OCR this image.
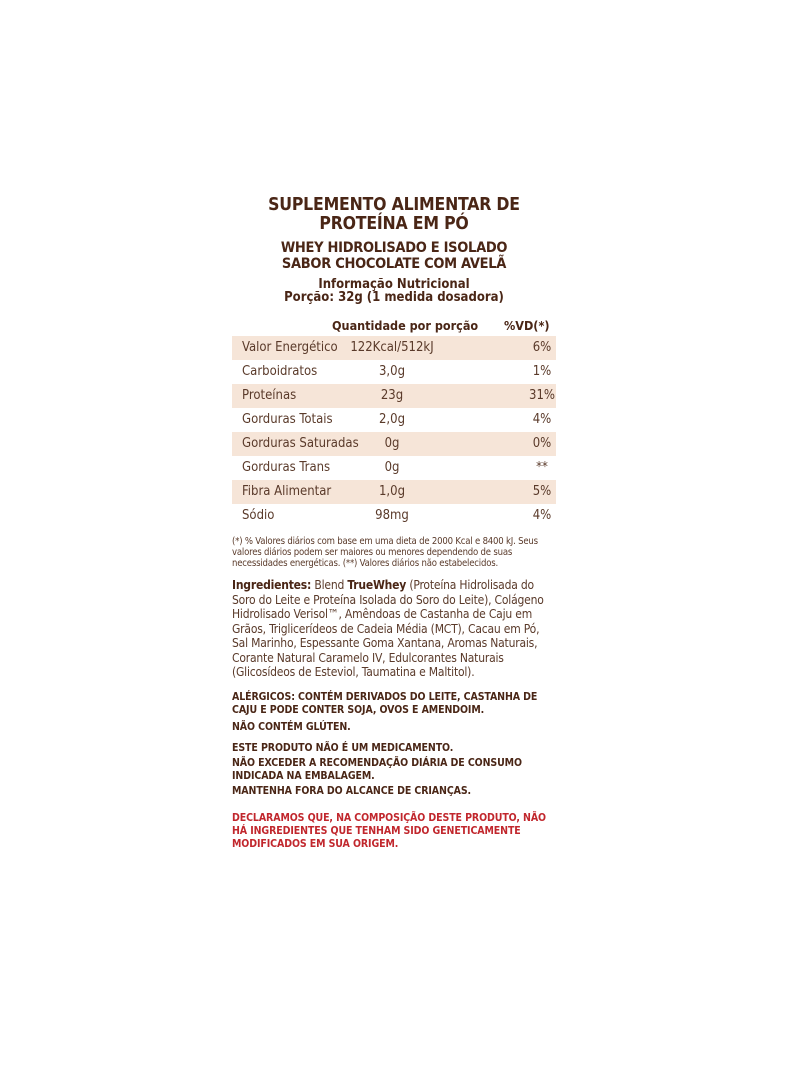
SUPLEMENTO ALIMENTAR DE
PROTEÍNA EM PÓ
WHEY HIDROLISADO E ISOLADO
SABOR CHOCOLATE COM AVELÃ
Informação Nutricional
Porção: 32g (1 medida dosadora)
Quantidade por porção %VD(*)
Valor Energético 122Kcal/512kJ	6%
Carboidratos	3,0g	1%
Proteínas	23g	31%
Gorduras Totais	2,0g	4%
Gorduras Saturadas	0g	0%
Gorduras Trans	0g	**
Fibra Alimentar	1,0g	5%
Sódio	98mg	4%
(*) % Valores diários com base em uma dieta de 2000 Kcal e 8400 kJ. Seus valores diários podem ser maiores ou menores dependendo de suas necessidades energéticas. (**) Valores diários não estabelecidos.
Ingredientes: Blend TrueWhey (Proteína Hidrolisada do Soro do Leite e Proteína Isolada do Soro do Leite), Colágeno Hidrolisado Verisol™, Amêndoas de Castanha de Caju em Grãos, Triglicerídeos de Cadeia Média (MCT), Cacau em Pó, Sal Marinho, Espessante Goma Xantana, Aromas Naturais, Corante Natural Caramelo IV, Edulcorantes Naturais (Glicosídeos de Esteviol, Taumatina e Maltitol).

ALÉRGICOS: CONTÉM DERIVADOS DO LEITE, CASTANHA DE CAJU E PODE CONTER SOJA, OVOS E AMENDOIM.

NÃO CONTÉM GLÚTEN.

ESTE PRODUTO NÃO É UM MEDICAMENTO.

NÃO EXCEDER A RECOMENDAÇÃO DIÁRIA DE CONSUMO INDICADA NA EMBALAGEM.

MANTENHA FORA DO ALCANCE DE CRIANÇAS.

DECLARAMOS QUE, NA COMPOSIÇÃO DESTE PRODUTO, NÃO HÁ INGREDIENTES QUE TENHAM SIDO GENETICAMENTE MODIFICADOS EM SUA ORIGEM.
